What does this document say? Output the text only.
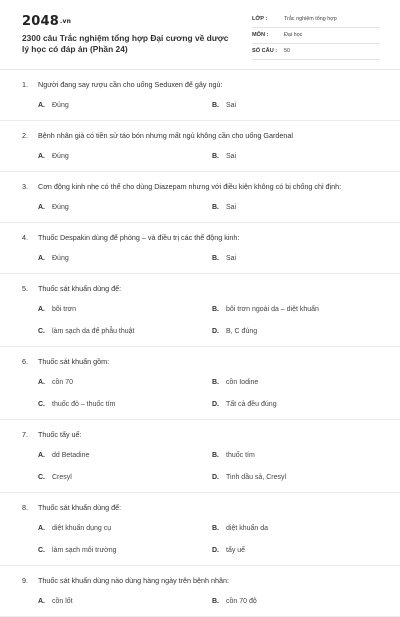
2048.vn
2300 câu Trắc nghiệm tổng hợp Đại cương về dược lý học có đáp án (Phần 24)
LỚP :	Trắc nghiệm tổng hợp
MÔN :	Đại học
SỐ CÂU : 50
Người đang say rượu cần cho uống Seduxen để gây ngủ:
1.
A. Đúng	B. Sai
Bệnh nhân già có tiền sử táo bón nhưng mất ngủ không cần cho uống Gardenal
2.
A. Đúng	B. Sai
Cơn động kinh nhẹ có thể cho dùng Diazepam nhưng với điều kiện không có bị chống chỉ định:
3.
A. Đúng	B. Sai
Thuốc Despakin dùng để phòng – và điều trị các thể động kinh:
4.
A. Đúng	B. Sai
Thuốc sát khuẩn dùng để:
5.
A. bôi trơn	B. bôi trơn ngoài da – diệt khuẩn
C. làm sạch da để phẫu thuật	D. B, C đúng
Thuốc sát khuẩn gồm:
6.
A. cồn 70	B. cồn Iodine
C. thuốc đỏ – thuốc tím	D. Tất cả đều đúng
Thuốc tẩy uế:
7.
A. dd Betadine	B. thuốc tím
C. Cresyl	D. Tinh dầu sả, Cresyl
Thuốc sát khuẩn dùng để:
8.
A. diệt khuẩn dụng cụ	B. diệt khuẩn da
C. làm sạch môi trường	D. tẩy uế
Thuốc sát khuẩn dùng nào dùng hàng ngày trên bệnh nhân:
9.
A. cồn lốt	B. cồn 70 độ
